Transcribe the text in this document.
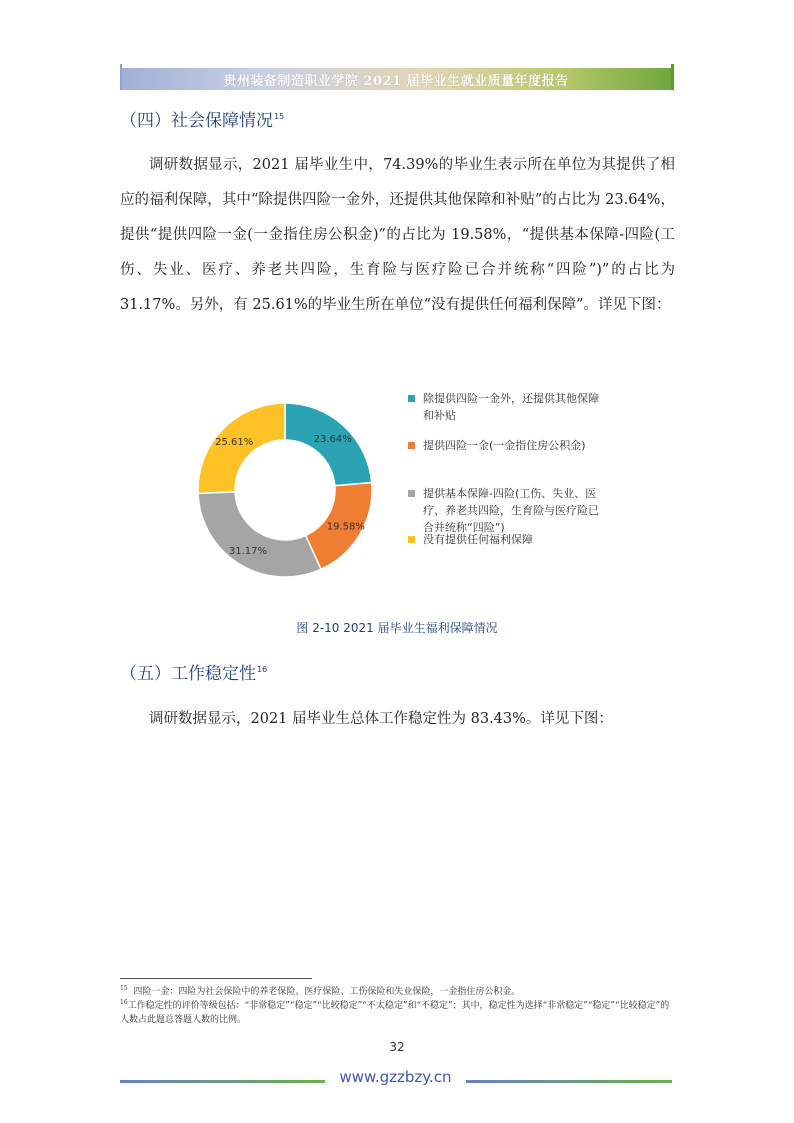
贵州装备制造职业学院 2021 届毕业生就业质量年度报告
（四）社会保障情况$^{15}$
调研数据显示，2021 届毕业生中，74.39%的毕业生表示所在单位为其提供了相应的福利保障，其中“除提供四险一金外，还提供其他保障和补贴”的占比为 23.64%，提供“提供四险一金(一金指住房公积金)”的占比为 19.58%，“提供基本保障-四险(工伤、失业、医疗、养老共四险，生育险与医疗险已合并统称“四险”)”的占比为 31.17%。另外，有 25.61%的毕业生所在单位“没有提供任何福利保障”。详见下图：
23.64%
19.58%
31.17%
25.61%
除提供四险一金外，还提供其他保障
和补贴
提供四险一金(一金指住房公积金)
提供基本保障-四险(工伤、失业、医
疗、养老共四险，生育险与医疗险已
合并统称“四险”)
没有提供任何福利保障
图 2-10 2021 届毕业生福利保障情况
（五）工作稳定性$^{16}$
调研数据显示，2021 届毕业生总体工作稳定性为 83.43%。详见下图：
$^{15}$ 四险一金：四险为社会保险中的养老保险、医疗保险、工伤保险和失业保险，一金指住房公积金。
$^{16}$工作稳定性的评价等级包括：“非常稳定”“稳定”“比较稳定”“不太稳定”和“不稳定”；其中，稳定性为选择“非常稳定”“稳定”“比较稳定”的人数占此题总答题人数的比例。
32
www.gzzbzy.cn
